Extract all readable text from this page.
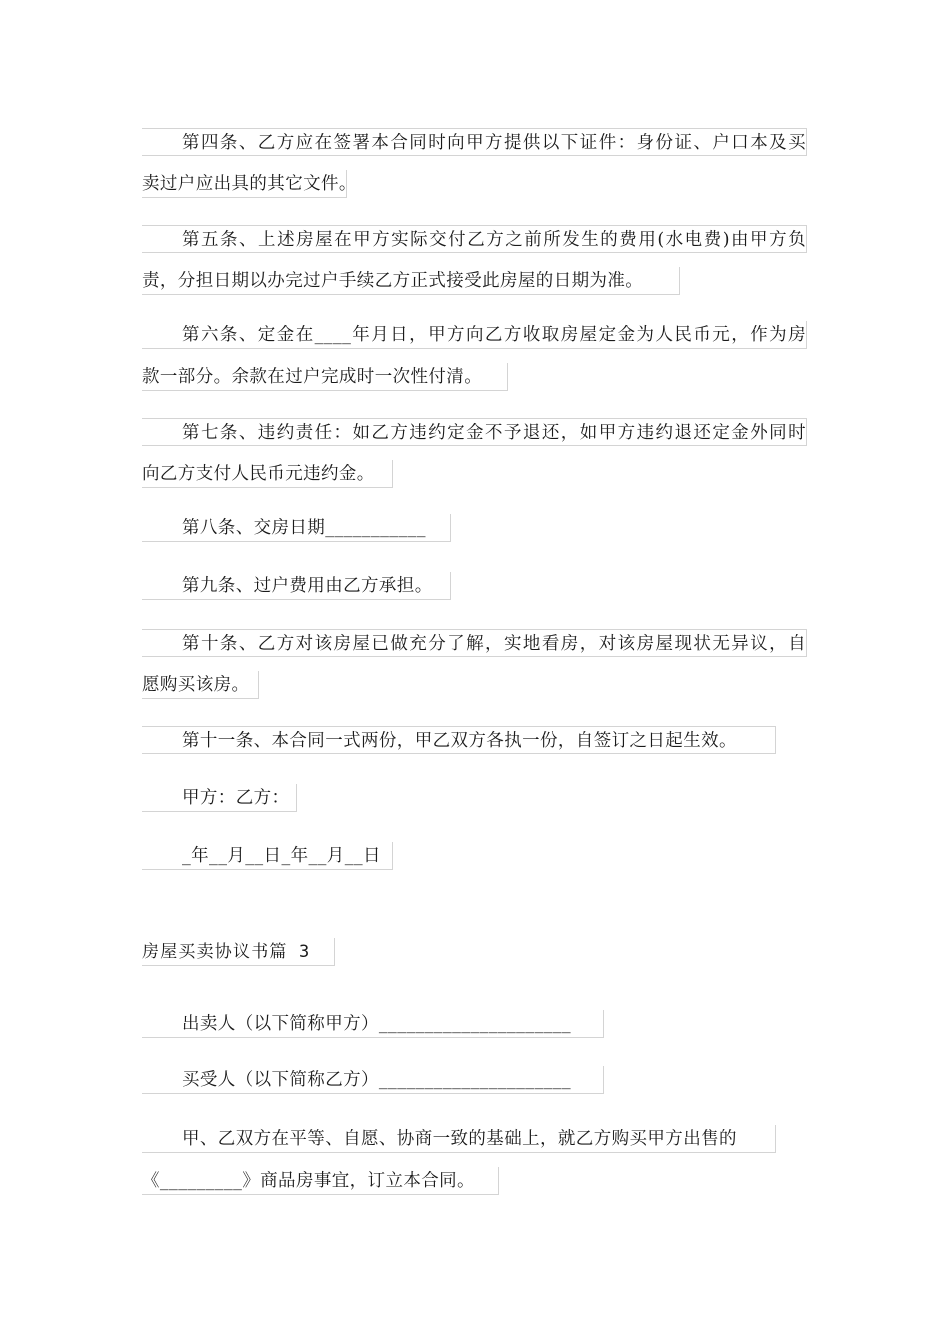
第四条、乙方应在签署本合同时向甲方提供以下证件：身份证、户口本及买
卖过户应出具的其它文件。
第五条、上述房屋在甲方实际交付乙方之前所发生的费用(水电费)由甲方负
责，分担日期以办完过户手续乙方正式接受此房屋的日期为准。
第六条、定金在____年月日，甲方向乙方收取房屋定金为人民币元，作为房
款一部分。余款在过户完成时一次性付清。
第七条、违约责任：如乙方违约定金不予退还，如甲方违约退还定金外同时
向乙方支付人民币元违约金。
第八条、交房日期___________
第九条、过户费用由乙方承担。
第十条、乙方对该房屋已做充分了解，实地看房，对该房屋现状无异议，自
愿购买该房。
第十一条、本合同一式两份，甲乙双方各执一份，自签订之日起生效。
甲方：乙方：
_年__月__日_年__月__日
房屋买卖协议书篇 3
出卖人（以下简称甲方）_____________________
买受人（以下简称乙方）_____________________
甲、乙双方在平等、自愿、协商一致的基础上，就乙方购买甲方出售的
《_________》商品房事宜，订立本合同。
